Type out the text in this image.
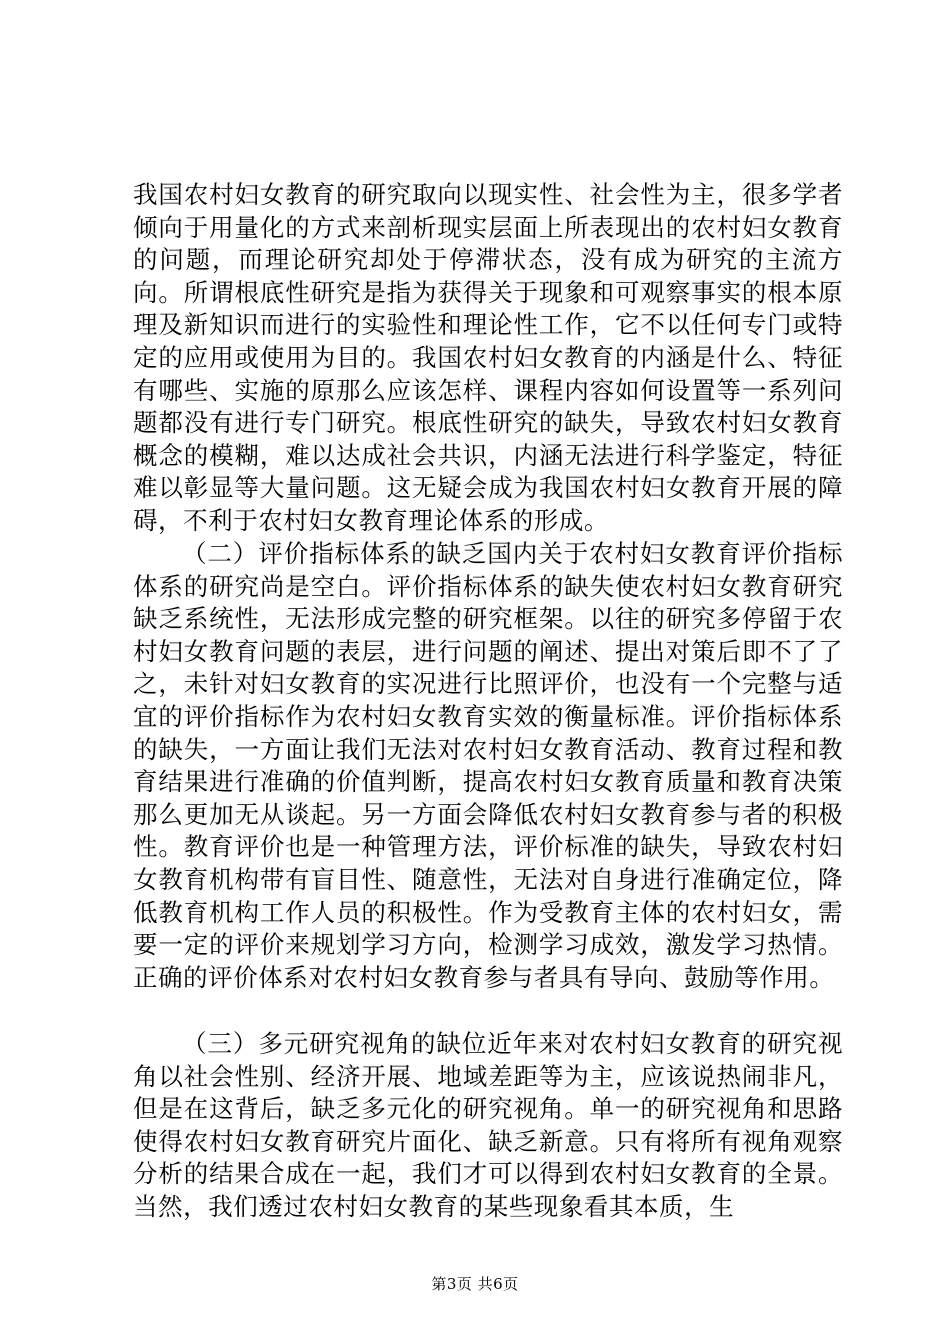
我国农村妇女教育的研究取向以现实性、社会性为主，很多学者倾向于用量化的方式来剖析现实层面上所表现出的农村妇女教育的问题，而理论研究却处于停滞状态，没有成为研究的主流方向。所谓根底性研究是指为获得关于现象和可观察事实的根本原理及新知识而进行的实验性和理论性工作，它不以任何专门或特定的应用或使用为目的。我国农村妇女教育的内涵是什么、特征有哪些、实施的原那么应该怎样、课程内容如何设置等一系列问题都没有进行专门研究。根底性研究的缺失，导致农村妇女教育概念的模糊，难以达成社会共识，内涵无法进行科学鉴定，特征难以彰显等大量问题。这无疑会成为我国农村妇女教育开展的障碍，不利于农村妇女教育理论体系的形成。

（二）评价指标体系的缺乏国内关于农村妇女教育评价指标体系的研究尚是空白。评价指标体系的缺失使农村妇女教育研究缺乏系统性，无法形成完整的研究框架。以往的研究多停留于农村妇女教育问题的表层，进行问题的阐述、提出对策后即不了了之，未针对妇女教育的实况进行比照评价，也没有一个完整与适宜的评价指标作为农村妇女教育实效的衡量标准。评价指标体系的缺失，一方面让我们无法对农村妇女教育活动、教育过程和教育结果进行准确的价值判断，提高农村妇女教育质量和教育决策那么更加无从谈起。另一方面会降低农村妇女教育参与者的积极性。教育评价也是一种管理方法，评价标准的缺失，导致农村妇女教育机构带有盲目性、随意性，无法对自身进行准确定位，降低教育机构工作人员的积极性。作为受教育主体的农村妇女，需要一定的评价来规划学习方向，检测学习成效，激发学习热情。正确的评价体系对农村妇女教育参与者具有导向、鼓励等作用。

（三）多元研究视角的缺位近年来对农村妇女教育的研究视角以社会性别、经济开展、地域差距等为主，应该说热闹非凡，但是在这背后，缺乏多元化的研究视角。单一的研究视角和思路使得农村妇女教育研究片面化、缺乏新意。只有将所有视角观察分析的结果合成在一起，我们才可以得到农村妇女教育的全景。当然，我们透过农村妇女教育的某些现象看其本质，生

第3页 共6页
